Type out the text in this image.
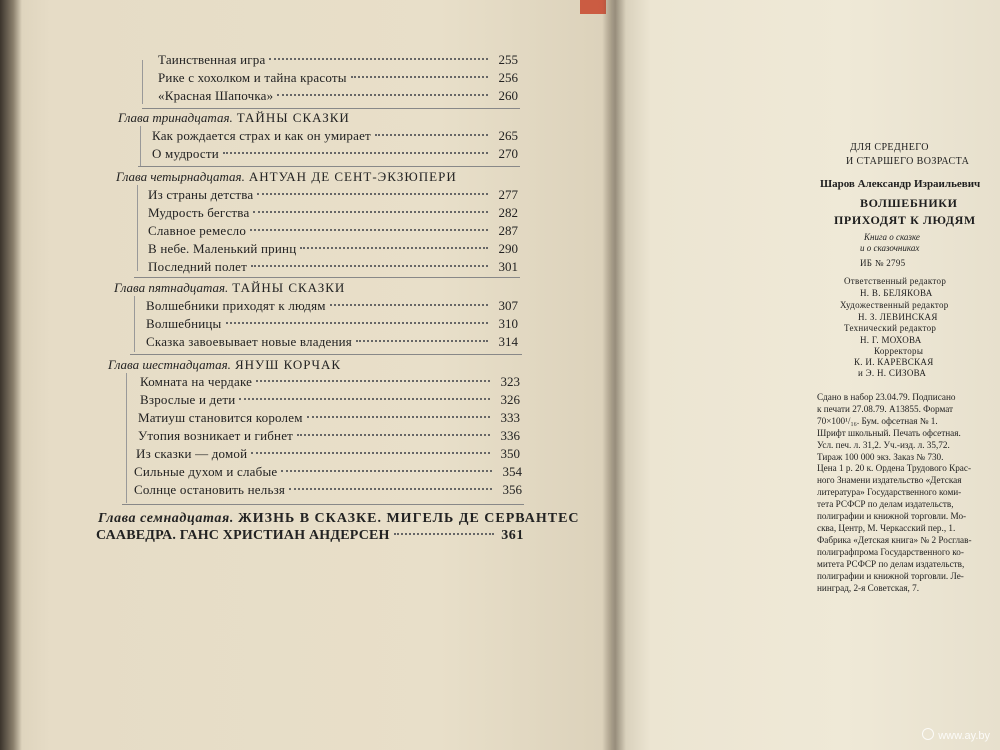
ДЛЯ СРЕДНЕГО
И СТАРШЕГО ВОЗРАСТА
Шаров Александр Израильевич
ВОЛШЕБНИКИ
ПРИХОДЯТ К ЛЮДЯМ
Книга о сказке
и о сказочниках
ИБ № 2795
Ответственный редактор
Н. В. БЕЛЯКОВА
Художественный редактор
Н. З. ЛЕВИНСКАЯ
Технический редактор
Н. Г. МОХОВА
Корректоры
К. И. КАРЕВСКАЯ
и Э. Н. СИЗОВА
Сдано в набор 23.04.79. Подписано
к печати 27.08.79. А13855. Формат
70×100¹/₁₆. Бум. офсетная № 1.
Шрифт школьный. Печать офсетная.
Усл. печ. л. 31,2. Уч.-изд. л. 35,72.
Тираж 100 000 экз. Заказ № 730.
Цена 1 р. 20 к. Ордена Трудового Крас-
ного Знамени издательство «Детская
литература» Государственного коми-
тета РСФСР по делам издательств,
полиграфии и книжной торговли. Мо-
сква, Центр, М. Черкасский пер., 1.
Фабрика «Детская книга» № 2 Росглав-
полиграфпрома Государственного ко-
митета РСФСР по делам издательств,
полиграфии и книжной торговли. Ле-
нинград, 2-я Советская, 7.
Таинственная игра	255
Рике с хохолком и тайна красоты	256
«Красная Шапочка»	260
Глава тринадцатая. ТАЙНЫ СКАЗКИ
Как рождается страх и как он умирает	265
О мудрости	270
Глава четырнадцатая. АНТУАН ДЕ СЕНТ-ЭКЗЮПЕРИ
Из страны детства	277
Мудрость бегства	282
Славное ремесло	287
В небе. Маленький принц	290
Последний полет	301
Глава пятнадцатая. ТАЙНЫ СКАЗКИ
Волшебники приходят к людям	307
Волшебницы	310
Сказка завоевывает новые владения	314
Глава шестнадцатая. ЯНУШ КОРЧАК
Комната на чердаке	323
Взрослые и дети	326
Матиуш становится королем	333
Утопия возникает и гибнет	336
Из сказки — домой	350
Сильные духом и слабые	354
Солнце остановить нельзя	356
Глава семнадцатая. ЖИЗНЬ В СКАЗКЕ. МИГЕЛЬ ДЕ СЕРВАНТЕС
СААВЕДРА. ГАНС ХРИСТИАН АНДЕРСЕН	361
www.ay.by
